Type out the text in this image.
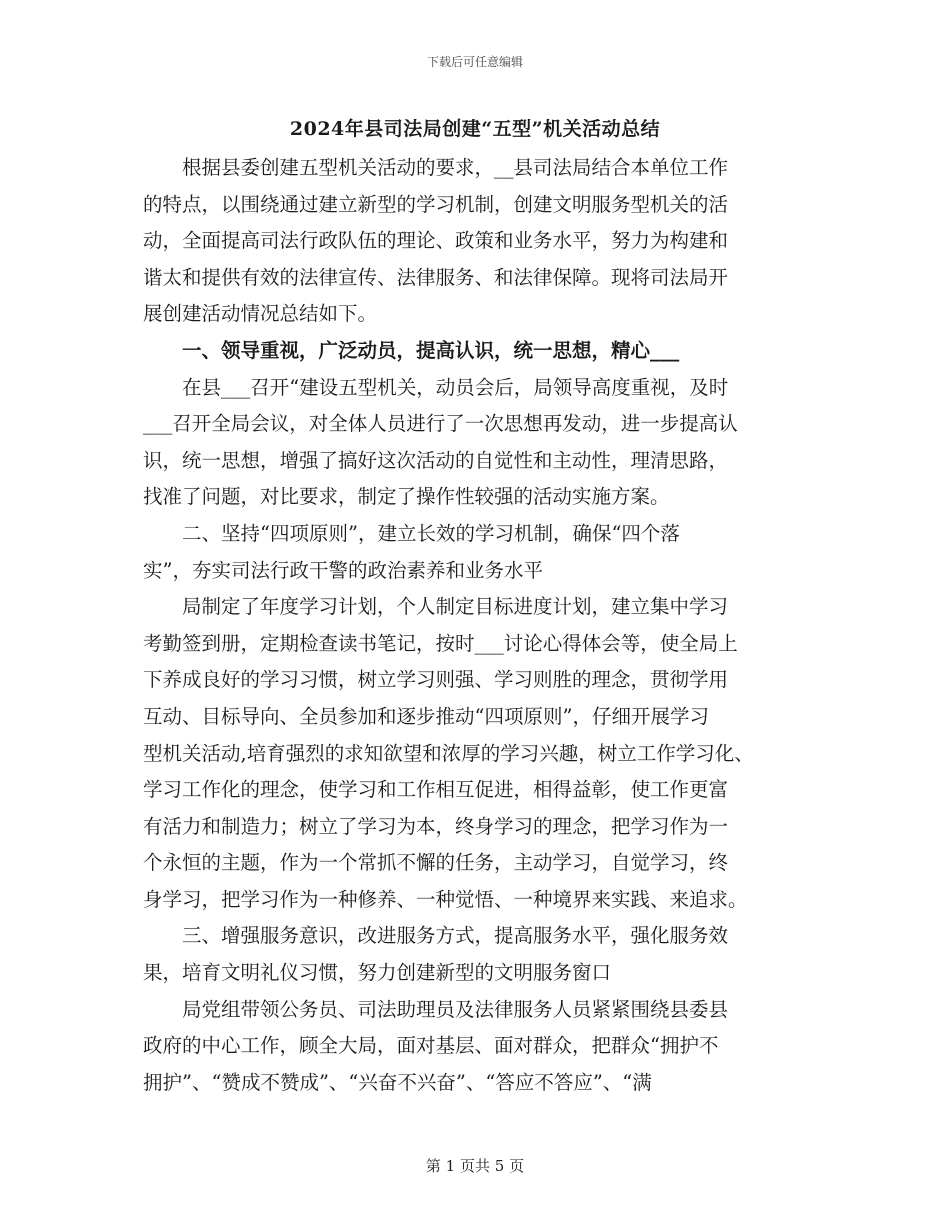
下载后可任意编辑
2024年县司法局创建“五型”机关活动总结

　　根据县委创建五型机关活动的要求，__县司法局结合本单位工作

的特点，以围绕通过建立新型的学习机制，创建文明服务型机关的活

动，全面提高司法行政队伍的理论、政策和业务水平，努力为构建和

谐太和提供有效的法律宣传、法律服务、和法律保障。现将司法局开

展创建活动情况总结如下。

　　一、领导重视，广泛动员，提高认识，统一思想，精心___

　　在县___召开“建设五型机关，动员会后，局领导高度重视，及时

___召开全局会议，对全体人员进行了一次思想再发动，进一步提高认

识，统一思想，增强了搞好这次活动的自觉性和主动性，理清思路，

找准了问题，对比要求，制定了操作性较强的活动实施方案。

　　二、坚持“四项原则”，建立长效的学习机制，确保“四个落

实”，夯实司法行政干警的政治素养和业务水平

　　局制定了年度学习计划，个人制定目标进度计划，建立集中学习

考勤签到册，定期检查读书笔记，按时___讨论心得体会等，使全局上

下养成良好的学习习惯，树立学习则强、学习则胜的理念，贯彻学用

互动、目标导向、全员参加和逐步推动“四项原则”，仔细开展学习

型机关活动,培育强烈的求知欲望和浓厚的学习兴趣，树立工作学习化、

学习工作化的理念，使学习和工作相互促进，相得益彰，使工作更富

有活力和制造力；树立了学习为本，终身学习的理念，把学习作为一

个永恒的主题，作为一个常抓不懈的任务，主动学习，自觉学习，终

身学习，把学习作为一种修养、一种觉悟、一种境界来实践、来追求。

　　三、增强服务意识，改进服务方式，提高服务水平，强化服务效

果，培育文明礼仪习惯，努力创建新型的文明服务窗口

　　局党组带领公务员、司法助理员及法律服务人员紧紧围绕县委县

政府的中心工作，顾全大局，面对基层、面对群众，把群众“拥护不

拥护”、“赞成不赞成”、“兴奋不兴奋”、“答应不答应”、“满

第 1 页共 5 页
